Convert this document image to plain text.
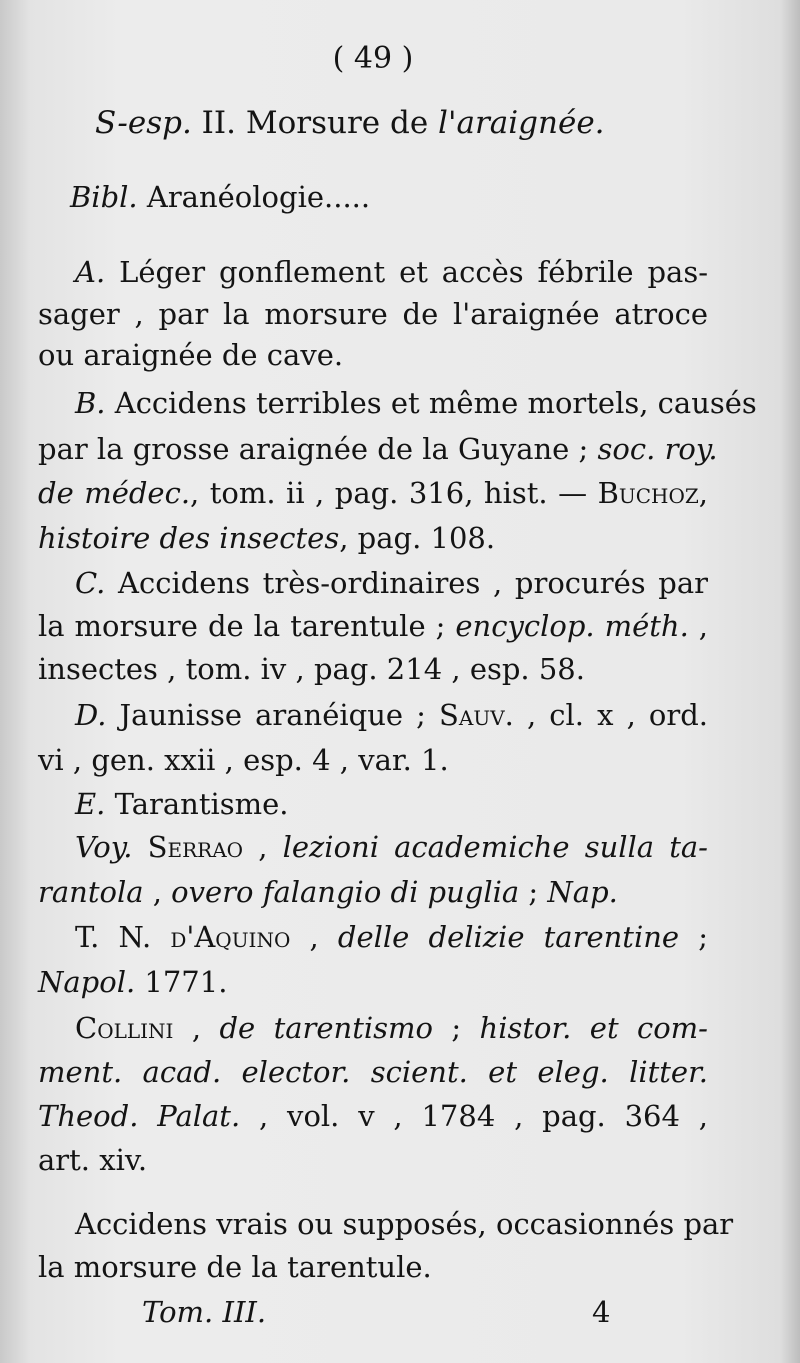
( 49 )
S-esp. II. Morsure de l'araignée.
Bibl. Aranéologie.....
A. Léger gonflement et accès fébrile pas-
sager , par la morsure de l'araignée atroce
ou araignée de cave.
B. Accidens terribles et même mortels, causés
par la grosse araignée de la Guyane ; soc. roy.
de médec., tom. ii , pag. 316, hist. — Buchoz,
histoire des insectes, pag. 108.
C. Accidens très-ordinaires , procurés par
la morsure de la tarentule ; encyclop. méth. ,
insectes , tom. iv , pag. 214 , esp. 58.
D. Jaunisse aranéique ; Sauv. , cl. x , ord.
vi , gen. xxii , esp. 4 , var. 1.
E. Tarantisme.
Voy. Serrao , lezioni academiche sulla ta-
rantola , overo falangio di puglia ; Nap.
T. N. d'Aquino , delle delizie tarentine ;
Napol. 1771.
Collini , de tarentismo ; histor. et com-
ment. acad. elector. scient. et eleg. litter.
Theod. Palat. , vol. v , 1784 , pag. 364 ,
art. xiv.
Accidens vrais ou supposés, occasionnés par
la morsure de la tarentule.
Tom. III.	4
